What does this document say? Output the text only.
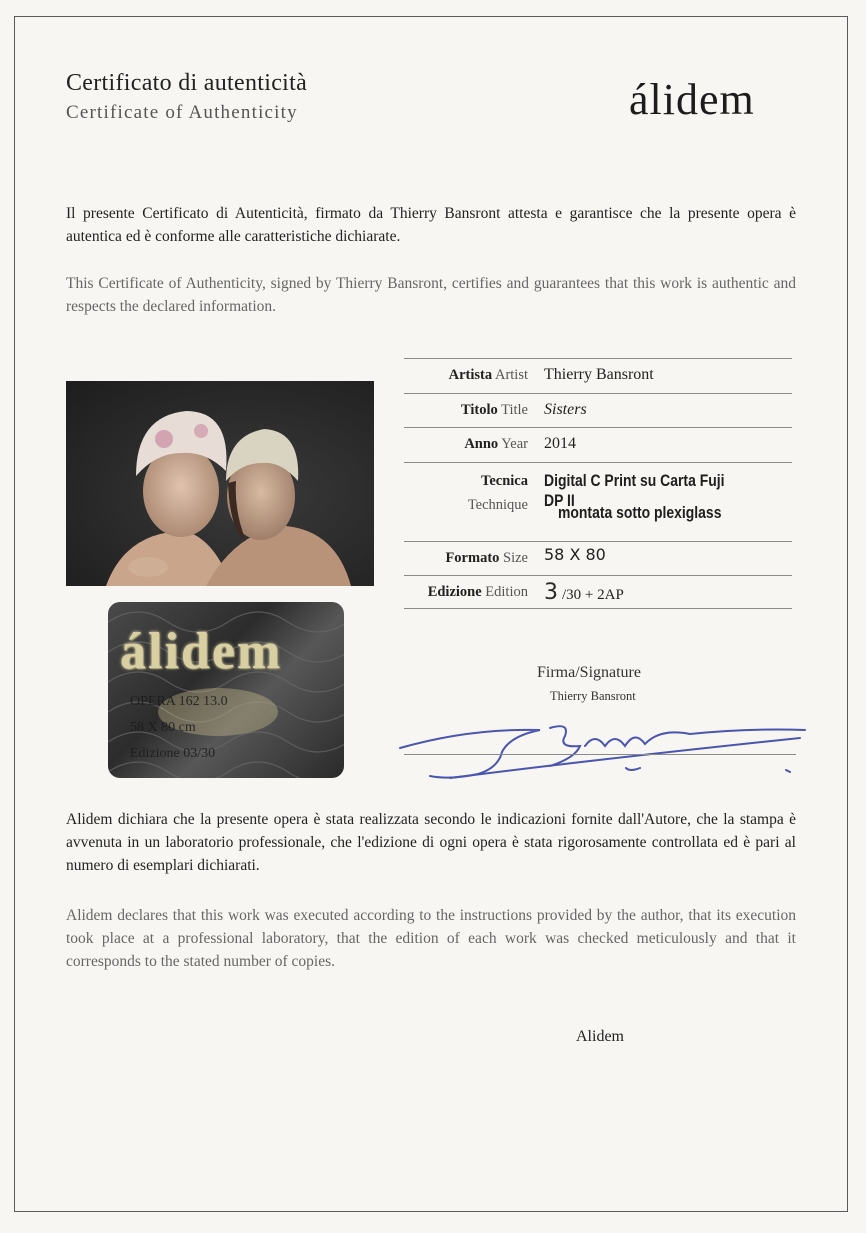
Certificato di autenticità
Certificate of Authenticity	álidem
Il presente Certificato di Autenticità, firmato da Thierry Bansront attesta e garantisce che la presente opera è autentica ed è conforme alle caratteristiche dichiarate.
This Certificate of Authenticity, signed by Thierry Bansront, certifies and guarantees that this work is authentic and respects the declared information.
álidem
OPERA 162 13.0
58 X 80 cm
Edizione 03/30
Artista Artist Thierry Bansront
Titolo Title Sisters
Anno Year 2014
Tecnica
Technique
Digital C Print su Carta Fuji DP II
montata sotto plexiglass
Formato Size 58 X 80
Edizione Edition 3 /30 + 2AP
Firma/Signature
Thierry Bansront
Alidem dichiara che la presente opera è stata realizzata secondo le indicazioni fornite dall'Autore, che la stampa è avvenuta in un laboratorio professionale, che l'edizione di ogni opera è stata rigorosamente controllata ed è pari al numero di esemplari dichiarati.
Alidem declares that this work was executed according to the instructions provided by the author, that its execution took place at a professional laboratory, that the edition of each work was checked meticulously and that it corresponds to the stated number of copies.
Alidem
